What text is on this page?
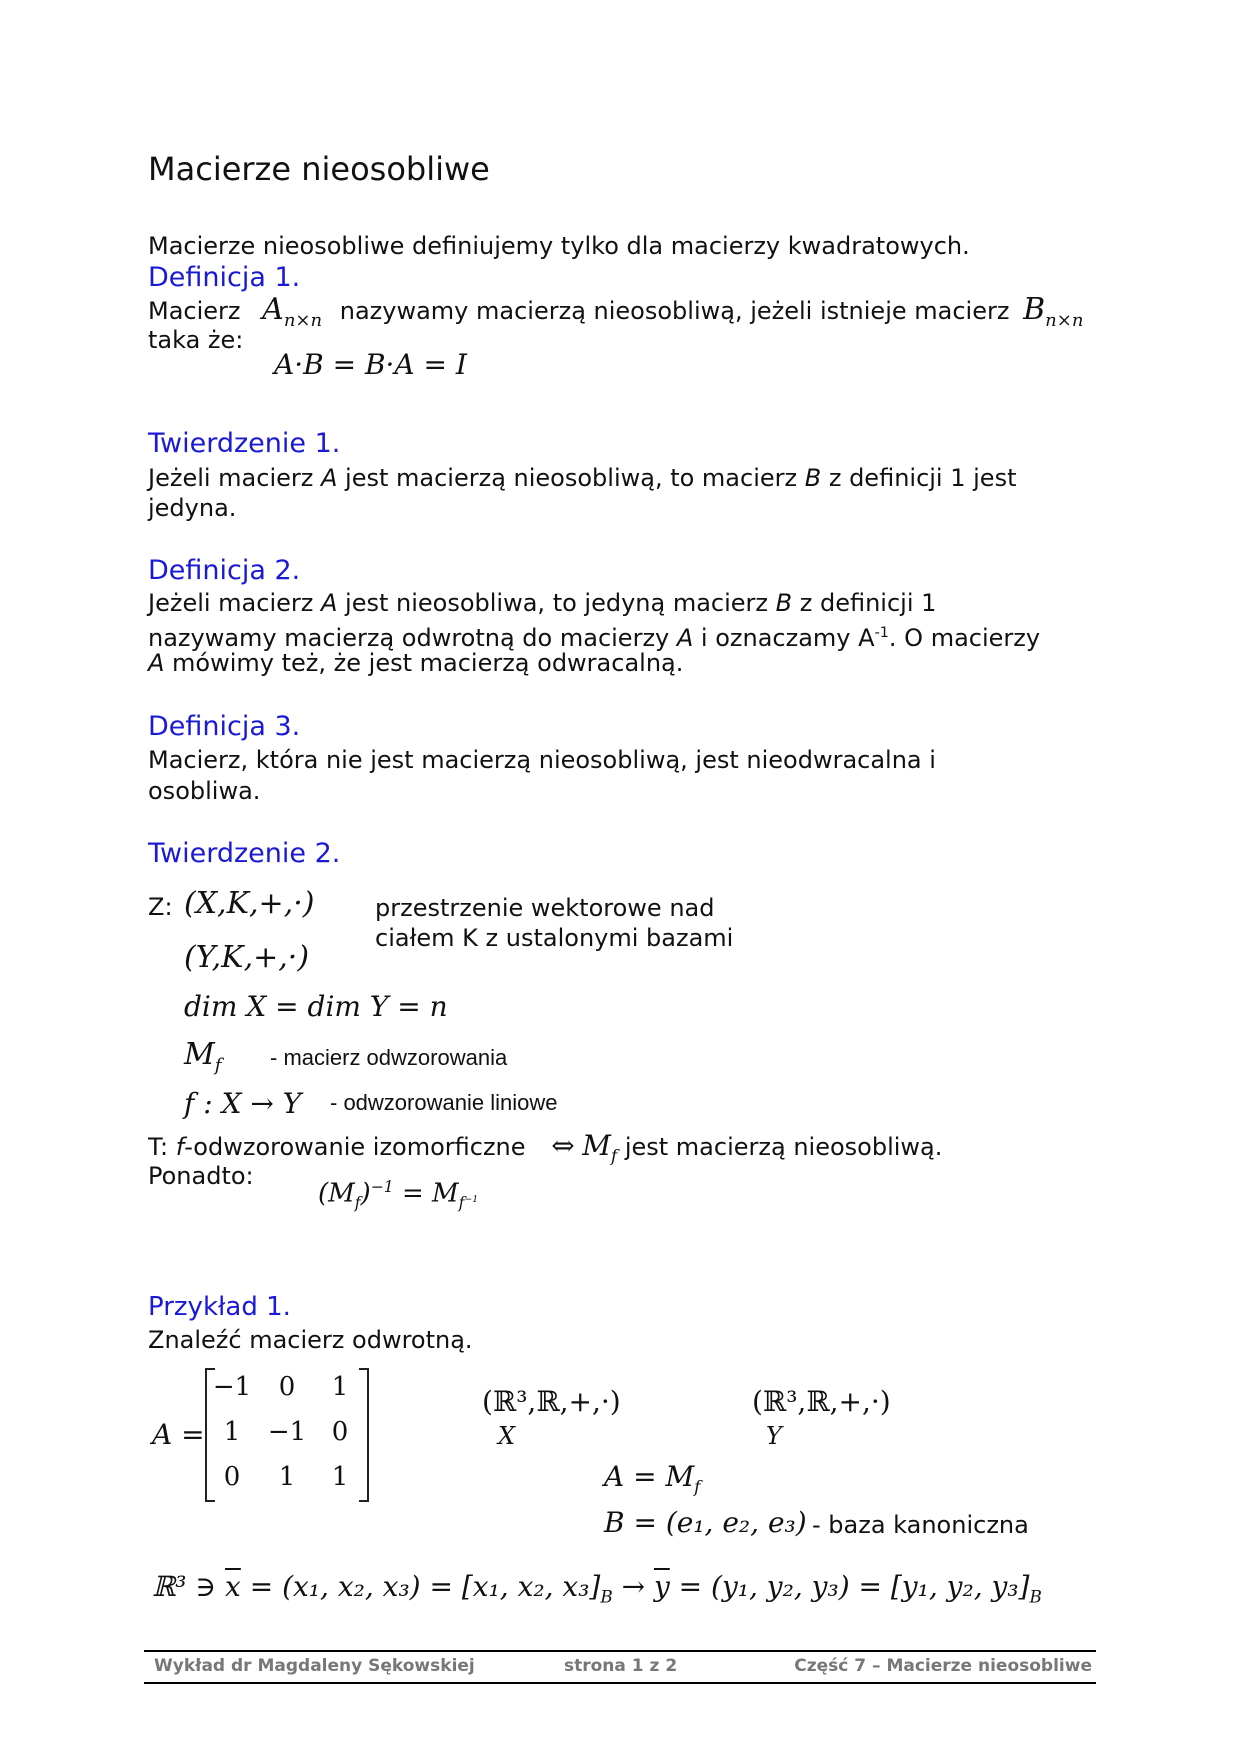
Macierze nieosobliwe
Macierze nieosobliwe definiujemy tylko dla macierzy kwadratowych.
Definicja 1.
Macierz $A_{n\times n}$ nazywamy macierzą nieosobliwą, jeżeli istnieje macierz $B_{n\times n}$
taka że:
A·B = B·A = I
Twierdzenie 1.
Jeżeli macierz A jest macierzą nieosobliwą, to macierz B z definicji 1 jest
jedyna.
Definicja 2.
Jeżeli macierz A jest nieosobliwa, to jedyną macierz B z definicji 1
nazywamy macierzą odwrotną do macierzy A i oznaczamy $A^{-1}$. O macierzy
A mówimy też, że jest macierzą odwracalną.
Definicja 3.
Macierz, która nie jest macierzą nieosobliwą, jest nieodwracalna i
osobliwa.
Twierdzenie 2.
Z: (X,K,+,·)
(Y,K,+,·)
przestrzenie wektorowe nad
ciałem K z ustalonymi bazami
dim X = dim Y = n
$M_f$ - macierz odwzorowania
f : X → Y - odwzorowanie liniowe
T: f-odwzorowanie izomorficzne ⇔ $M_f$ jest macierzą nieosobliwą.
Ponadto:
$(M_f)^{-1} = M_{f^{-1}}$
Przykład 1.
Znaleźć macierz odwrotną.
A =
−1	0	1
1	−1 0
0	1	1
(ℝ³,ℝ,+,·)
X
(ℝ³,ℝ,+,·)
Y
$A = M_f$
B = (e₁, e₂, e₃) - baza kanoniczna
ℝ³ ∋ $\overline{x} = (x_1$, x₂, x₃) = [x₁, x₂, $x_3]_B \to \overline{y} = (y_1$, y₂, y₃) = [y₁, y₂, $y_3]_B$
Wykład dr Magdaleny Sękowskiej	strona 1 z 2	Część 7 – Macierze nieosobliwe
